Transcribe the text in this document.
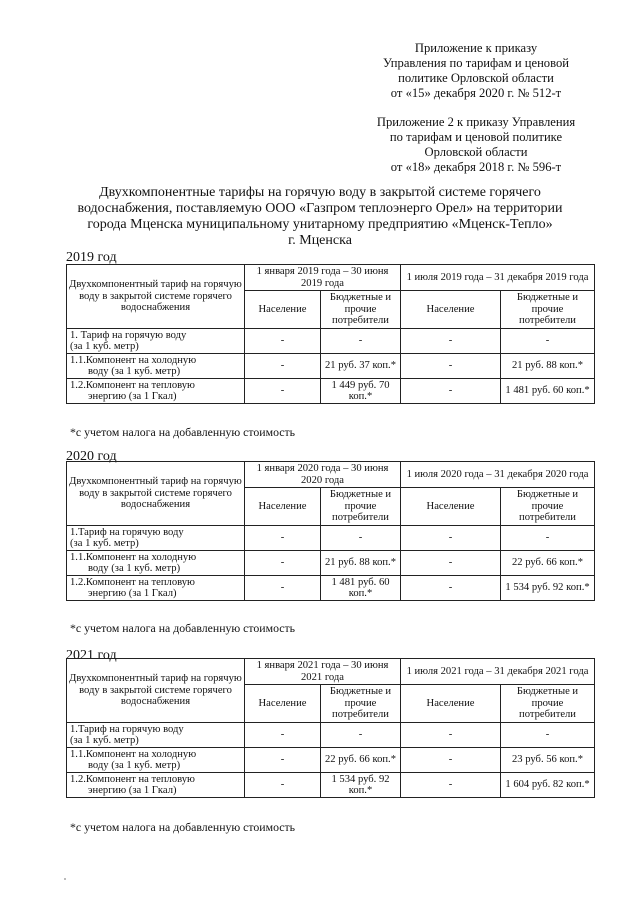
Приложение к приказу
Управления по тарифам и ценовой
политике Орловской области
от «15» декабря 2020 г. № 512-т
Приложение 2 к приказу Управления
по тарифам и ценовой политике
Орловской области
от «18» декабря 2018 г. № 596-т
Двухкомпонентные тарифы на горячую воду в закрытой системе горячего
водоснабжения, поставляемую ООО «Газпром теплоэнерго Орел» на территории
города Мценска муниципальному унитарному предприятию «Мценск-Тепло»
г. Мценска
2019 год
Двухкомпонентный тариф на горячую воду в закрытой системе горячего водоснабжения	1 января 2019 года – 30 июня 2019 года		1 июля 2019 года – 31 декабря 2019 года	
	Население	Бюджетные и прочие потребители	Население	Бюджетные и прочие потребители
1. Тариф на горячую воду
(за 1 куб. метр)	-	-	-	-
1.1.Компонент на холодную
воду (за 1 куб. метр)	-	21 руб. 37 коп.*	-	21 руб. 88 коп.*
1.2.Компонент на тепловую
энергию (за 1 Гкал)	-	1 449 руб. 70 коп.*	-	1 481 руб. 60 коп.*
*с учетом налога на добавленную стоимость
2020 год
Двухкомпонентный тариф на горячую воду в закрытой системе горячего водоснабжения	1 января 2020 года – 30 июня 2020 года		1 июля 2020 года – 31 декабря 2020 года	
	Население	Бюджетные и прочие потребители	Население	Бюджетные и прочие потребители
1.Тариф на горячую воду
(за 1 куб. метр)	-	-	-	-
1.1.Компонент на холодную
воду (за 1 куб. метр)	-	21 руб. 88 коп.*	-	22 руб. 66 коп.*
1.2.Компонент на тепловую
энергию (за 1 Гкал)	-	1 481 руб. 60 коп.*	-	1 534 руб. 92 коп.*
*с учетом налога на добавленную стоимость
2021 год
Двухкомпонентный тариф на горячую воду в закрытой системе горячего водоснабжения	1 января 2021 года – 30 июня 2021 года		1 июля 2021 года – 31 декабря 2021 года	
	Население	Бюджетные и прочие потребители	Население	Бюджетные и прочие потребители
1.Тариф на горячую воду
(за 1 куб. метр)	-	-	-	-
1.1.Компонент на холодную
воду (за 1 куб. метр)	-	22 руб. 66 коп.*	-	23 руб. 56 коп.*
1.2.Компонент на тепловую
энергию (за 1 Гкал)	-	1 534 руб. 92 коп.*	-	1 604 руб. 82 коп.*
*с учетом налога на добавленную стоимость
